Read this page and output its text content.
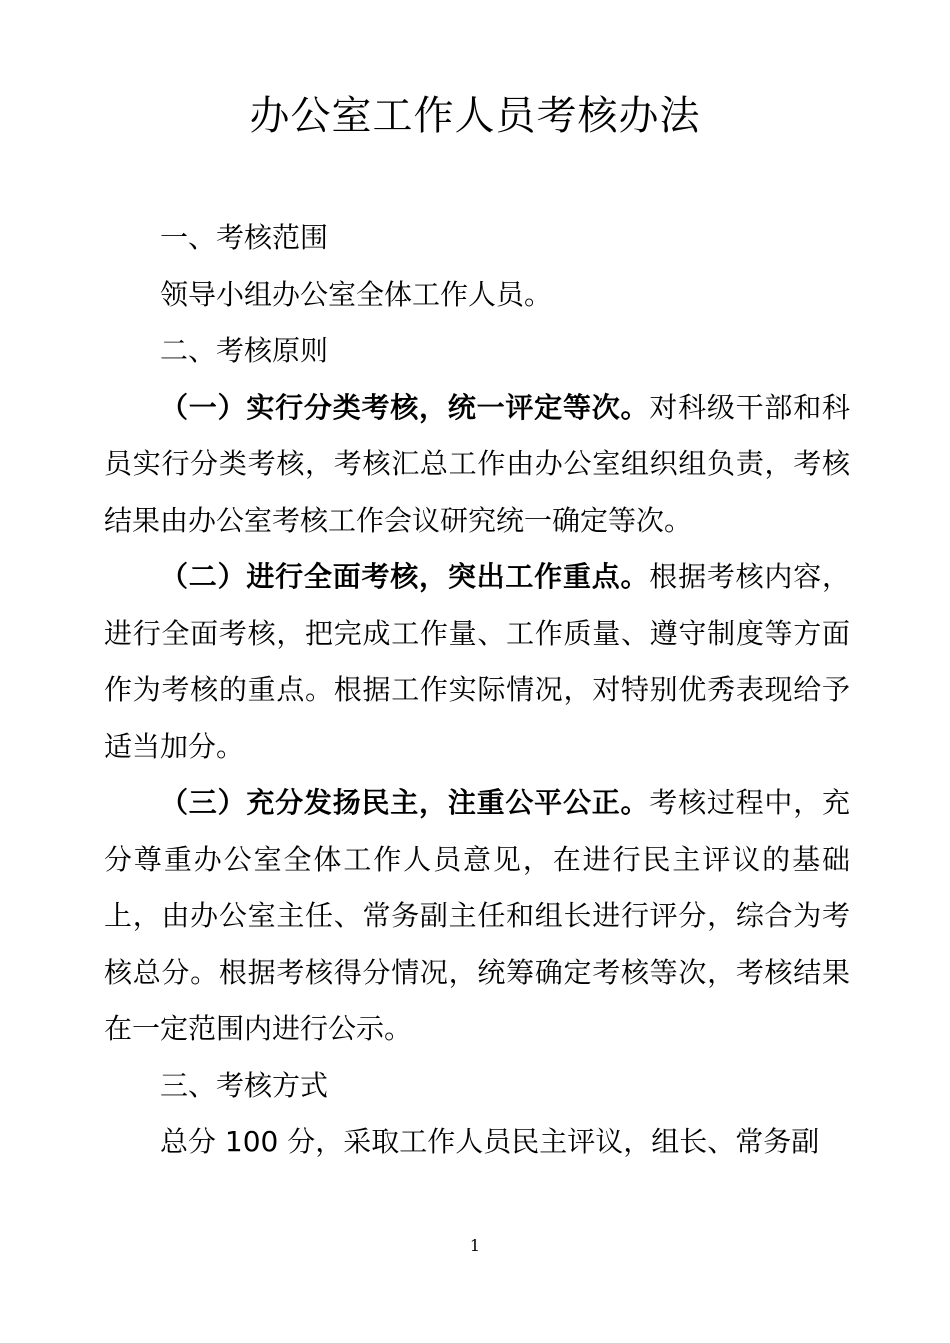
办公室工作人员考核办法

一、考核范围

领导小组办公室全体工作人员。

二、考核原则

（一）实行分类考核，统一评定等次。对科级干部和科员实行分类考核，考核汇总工作由办公室组织组负责，考核结果由办公室考核工作会议研究统一确定等次。

（二）进行全面考核，突出工作重点。根据考核内容，进行全面考核，把完成工作量、工作质量、遵守制度等方面作为考核的重点。根据工作实际情况，对特别优秀表现给予适当加分。

（三）充分发扬民主，注重公平公正。考核过程中，充分尊重办公室全体工作人员意见，在进行民主评议的基础上，由办公室主任、常务副主任和组长进行评分，综合为考核总分。根据考核得分情况，统筹确定考核等次，考核结果在一定范围内进行公示。

三、考核方式

总分 100 分，采取工作人员民主评议，组长、常务副

1
